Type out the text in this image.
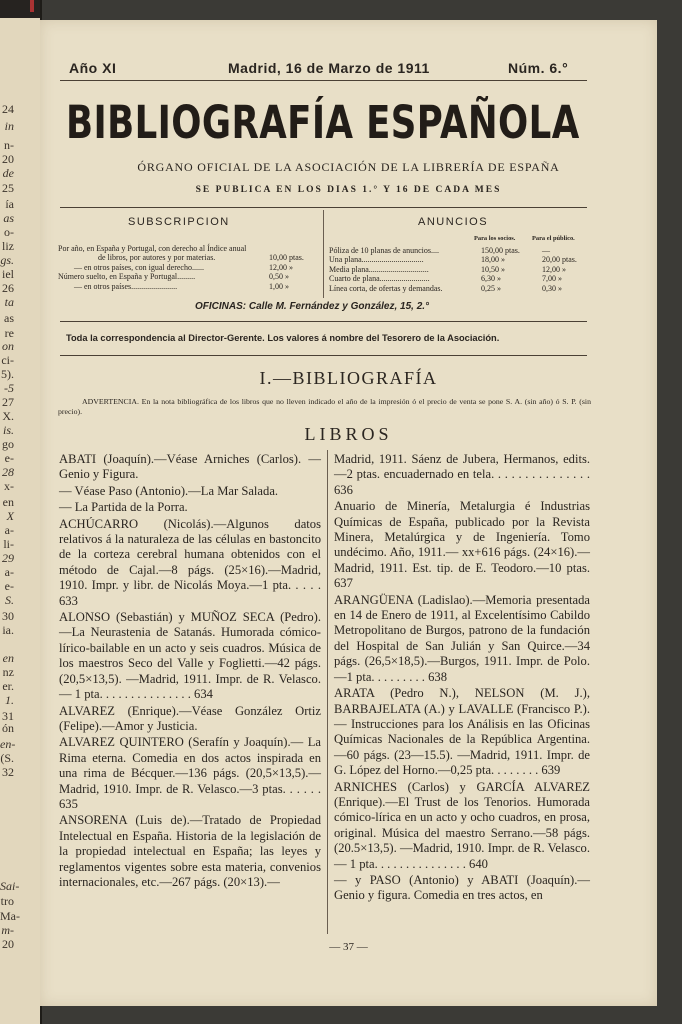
24
in
n-
20
de
25
ía
as
o-
liz
gs.
iel
26
ta
as
re
on
ci-
5).
-5
27
X.
is.
go
e-
28
x-
en
X
a-
li-
29
a-
e-
S.
30
ia.
en
nz
er.
1.
31
ón
en-
(S.
32
Sai-
tro
Ma-
m-
20
Año XI	Madrid, 16 de Marzo de 1911	Núm. 6.°
BIBLIOGRAFÍA ESPAÑOLA
ÓRGANO OFICIAL DE LA ASOCIACIÓN DE LA LIBRERÍA DE ESPAÑA
SE PUBLICA EN LOS DIAS 1.° Y 16 DE CADA MES
SUBSCRIPCION
Por año, en España y Portugal, con derecho al Índice anual
de libros, por autores y por materias.	10,00 ptas.
— en otros países, con igual derecho......	12,00 »
Número suelto, en España y Portugal.........	0,50 »
— en otros países.......................	1,00 »
ANUNCIOS
Para los socios.	Para el público.
Póliza de 10 planas de anuncios....	150,00 ptas.	—
Una plana...............................	18,00 »	20,00 ptas.
Media plana..............................	10,50 »	12,00 »
Cuarto de plana.........................	6,30 »	7,00 »
Línea corta, de ofertas y demandas.	0,25 »	0,30 »
OFICINAS: Calle M. Fernández y González, 15, 2.°
Toda la correspondencia al Director-Gerente. Los valores á nombre del Tesorero de la Asociación.
I.—BIBLIOGRAFÍA
ADVERTENCIA. En la nota bibliográfica de los libros que no lleven indicado el año de la impresión ó el precio de venta se pone S. A. (sin año) ó S. P. (sin precio).
LIBROS
ABATI (Joaquín).—Véase Arniches (Carlos). —Genio y Figura.
— Véase Paso (Antonio).—La Mar Salada.
— La Partida de la Porra.
ACHÚCARRO (Nicolás).—Algunos datos relativos á la naturaleza de las células en bastoncito de la corteza cerebral humana obtenidos con el método de Cajal.—8 págs. (25×16).—Madrid, 1910. Impr. y libr. de Nicolás Moya.—1 pta. . . . . 633
ALONSO (Sebastián) y MUÑOZ SECA (Pedro). —La Neurastenia de Satanás. Humorada cómico-lírico-bailable en un acto y seis cuadros. Música de los maestros Seco del Valle y Foglietti.—42 págs. (20,5×13,5). —Madrid, 1911. Impr. de R. Velasco.— 1 pta. . . . . . . . . . . . . . . 634
ALVAREZ (Enrique).—Véase González Ortiz (Felipe).—Amor y Justicia.
ALVAREZ QUINTERO (Serafín y Joaquín).— La Rima eterna. Comedia en dos actos inspirada en una rima de Bécquer.—136 págs. (20,5×13,5).—Madrid, 1910. Impr. de R. Velasco.—3 ptas. . . . . . 635
ANSORENA (Luis de).—Tratado de Propiedad Intelectual en España. Historia de la legislación de la propiedad intelectual en España; las leyes y reglamentos vigentes sobre esta materia, convenios internacionales, etc.—267 págs. (20×13).—
Madrid, 1911. Sáenz de Jubera, Hermanos, edits.—2 ptas. encuadernado en tela. . . . . . . . . . . . . . . 636
Anuario de Minería, Metalurgia é Industrias Químicas de España, publicado por la Revista Minera, Metalúrgica y de Ingeniería. Tomo undécimo. Año, 1911.— xx+616 págs. (24×16).—Madrid, 1911. Est. tip. de E. Teodoro.—10 ptas. 637
ARANGÜENA (Ladislao).—Memoria presentada en 14 de Enero de 1911, al Excelentísimo Cabildo Metropolitano de Burgos, patrono de la fundación del Hospital de San Julián y San Quirce.—34 págs. (26,5×18,5).—Burgos, 1911. Impr. de Polo.—1 pta. . . . . . . . . 638
ARATA (Pedro N.), NELSON (M. J.), BARBAJELATA (A.) y LAVALLE (Francisco P.).— Instrucciones para los Análisis en las Oficinas Químicas Nacionales de la República Argentina.—60 págs. (23—15.5). —Madrid, 1911. Impr. de G. López del Horno.—0,25 pta. . . . . . . . 639
ARNICHES (Carlos) y GARCÍA ALVAREZ (Enrique).—El Trust de los Tenorios. Humorada cómico-lírica en un acto y ocho cuadros, en prosa, original. Música del maestro Serrano.—58 págs. (20.5×13,5). —Madrid, 1910. Impr. de R. Velasco.— 1 pta. . . . . . . . . . . . . . . 640
— y PASO (Antonio) y ABATI (Joaquín).— Genio y figura. Comedia en tres actos, en
— 37 —
